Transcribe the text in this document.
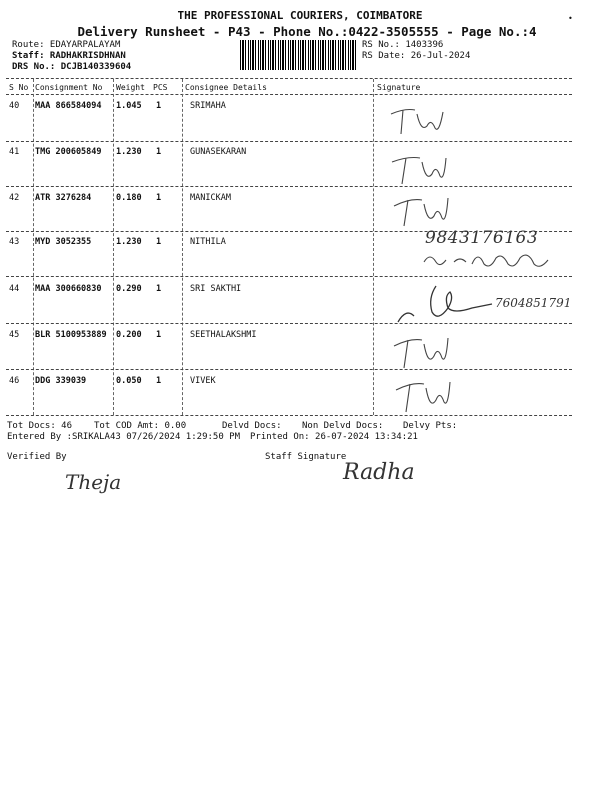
THE PROFESSIONAL COURIERS, COIMBATORE
Delivery Runsheet - P43 - Phone No.:0422-3505555 - Page No.:4
Route: EDAYARPALAYAM
Staff: RADHAKRISDHNAN
DRS No.: DCJB140339604
RS No.: 1403396
RS Date: 26-Jul-2024
•
S No Consignment No Weight PCS Consignee Details	Signature
40 MAA 866584094 1.045 1	SRIMAHA
41 TMG 200605849 1.230 1	GUNASEKARAN
42 ATR 3276284	0.180 1	MANICKAM
43 MYD 3052355	1.230 1	NITHILA
44 MAA 300660830 0.290 1	SRI SAKTHI
45 BLR 5100953889 0.200 1	SEETHALAKSHMI
46 DDG 339039	0.050 1	VIVEK
9843176163
7604851791
Tot Docs: 46 Tot COD Amt: 0.00	Delvd Docs: Non Delvd Docs: Delvy Pts:
Entered By :SRIKALA43 07/26/2024 1:29:50 PM Printed On: 26-07-2024 13:34:21
Verified By	Staff Signature
Theja	Radha
